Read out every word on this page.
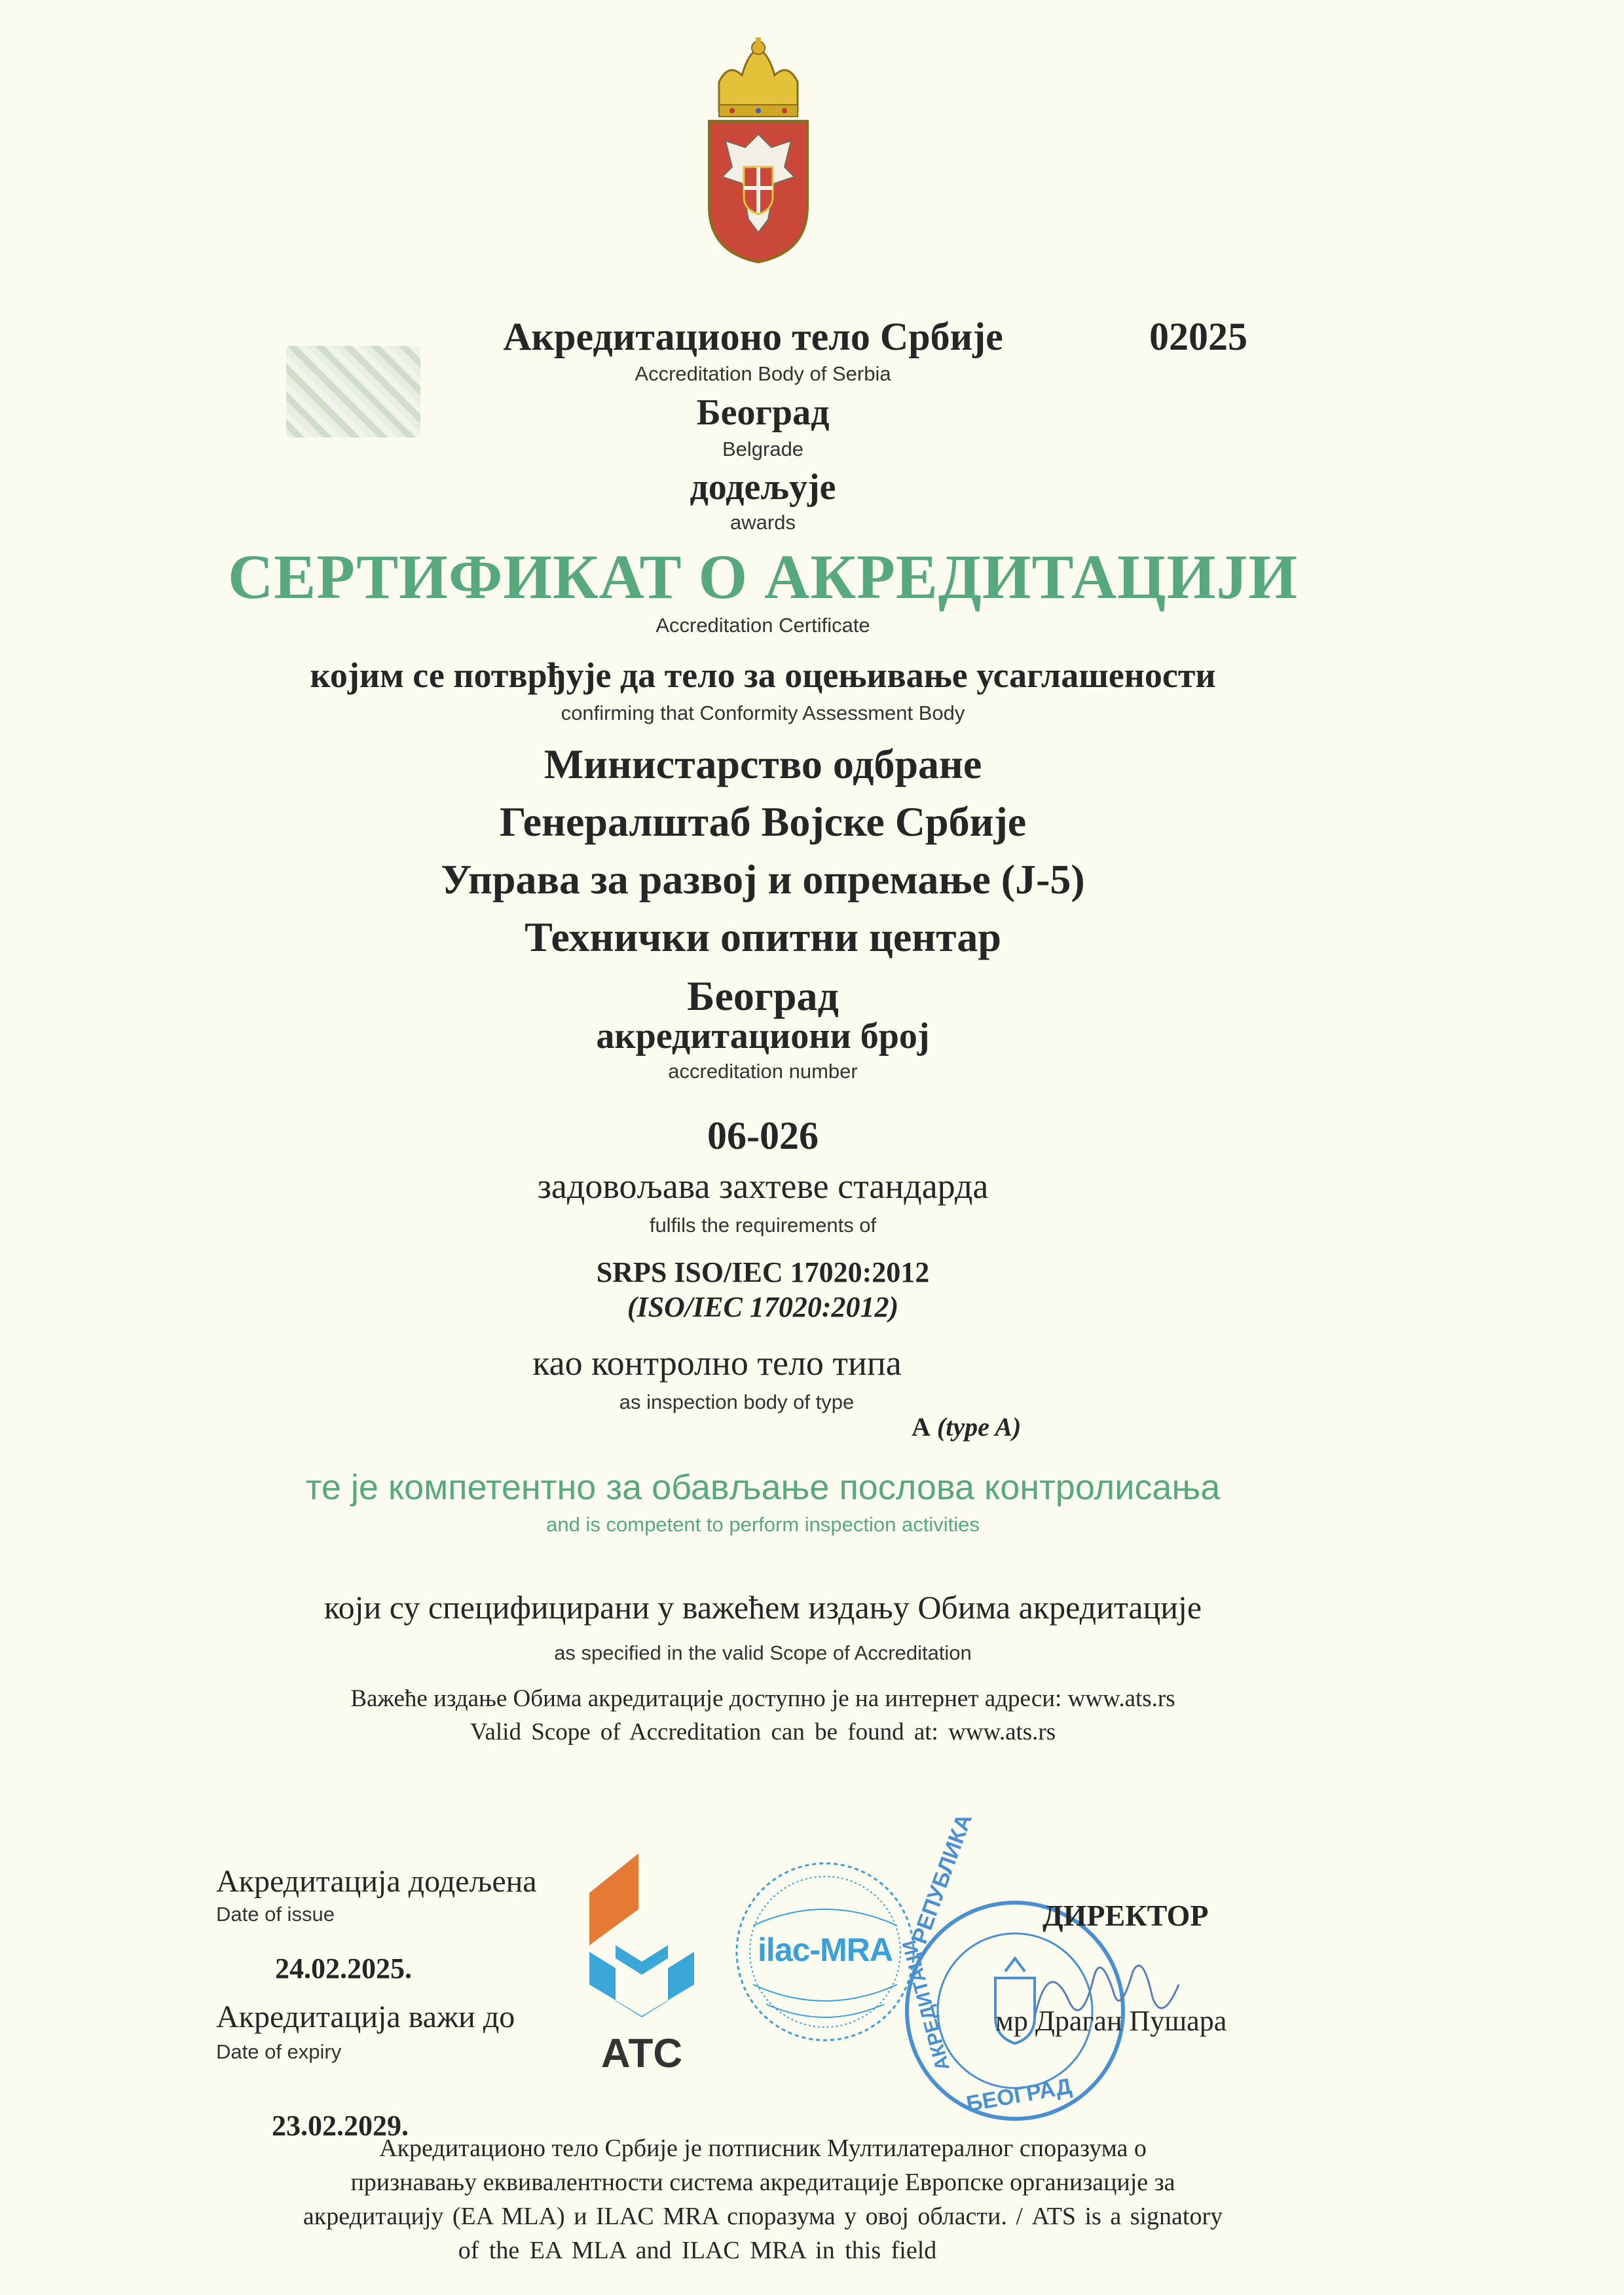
Акредитационо тело Србије	02025
Accreditation Body of Serbia
Београд
Belgrade
додељује
awards
СЕРТИФИКАТ О АКРЕДИТАЦИЈИ
Accreditation Certificate
којим се потврђује да тело за оцењивање усаглашености
confirming that Conformity Assessment Body
Министарство одбране
Генералштаб Војске Србије
Управа за развој и опремање (Ј-5)
Технички опитни центар
Београд
акредитациони број
accreditation number
06-026
задовољава захтеве стандарда
fulfils the requirements of
SRPS ISO/IEC 17020:2012
(ISO/IEC 17020:2012)
као контролно тело типа
as inspection body of type
А (type A)
те је компетентно за обављање послова контролисања
and is competent to perform inspection activities
који су специфицирани у важећем издању Обима акредитације
as specified in the valid Scope of Accreditation
Важеће издање Обима акредитације доступно је на интернет адреси: www.ats.rs
Valid Scope of Accreditation can be found at: www.ats.rs
Акредитација додељена
Date of issue
24.02.2025.
Акредитација важи до
Date of expiry
23.02.2029.
АТС
ilac-MRA
РЕПУБЛИКА
АКРЕДИТАЦИ
БЕОГРАД
ДИРЕКТОР
мр Драган Пушара
Акредитационо тело Србије је потписник Мултилатералног споразума о
признавању еквивалентности система акредитације Европске организације за
акредитацију (EA MLA) и ILAC MRA споразума у овој области. / ATS is a signatory
of the EA MLA and ILAC MRA in this field
